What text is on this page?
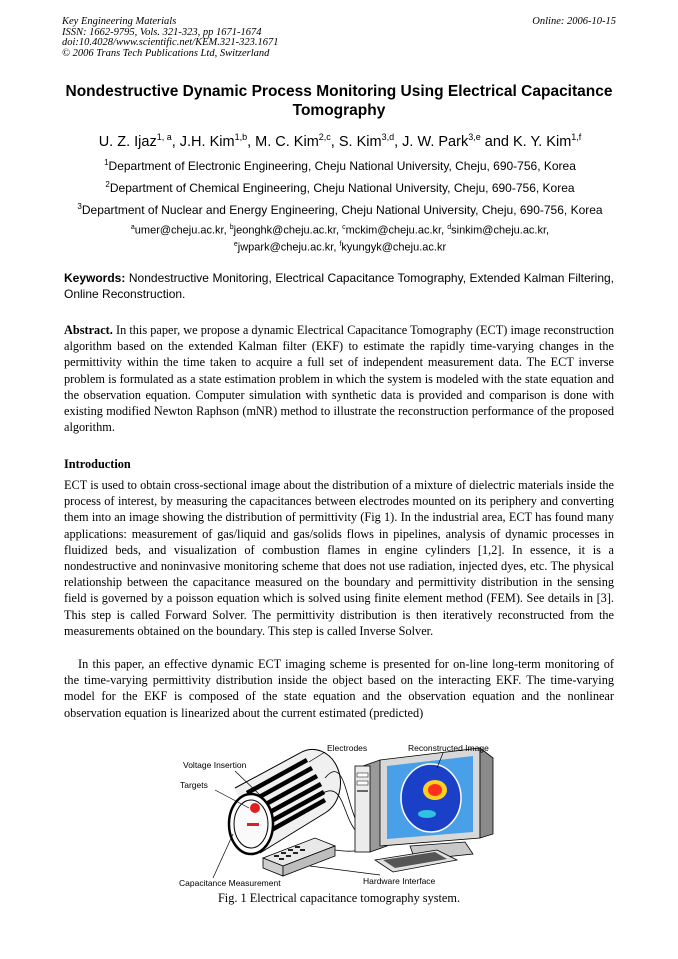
Key Engineering Materials
ISSN: 1662-9795, Vols. 321-323, pp 1671-1674
doi:10.4028/www.scientific.net/KEM.321-323.1671
© 2006 Trans Tech Publications Ltd, Switzerland
Online: 2006-10-15
Nondestructive Dynamic Process Monitoring Using Electrical Capacitance Tomography
U. Z. Ijaz$^{1, a}$, J.H. Kim$^{1,b}$, M. C. Kim$^{2,c}$, S. Kim$^{3,d}$, J. W. Park$^{3,e}$ and K. Y. Kim$^{1,f}$
$^1$Department of Electronic Engineering, Cheju National University, Cheju, 690-756, Korea
$^2$Department of Chemical Engineering, Cheju National University, Cheju, 690-756, Korea
$^3$Department of Nuclear and Energy Engineering, Cheju National University, Cheju, 690-756, Korea
$^a$umer@cheju.ac.kr, $^b$jeonghk@cheju.ac.kr, $^c$mckim@cheju.ac.kr, $^d$sinkim@cheju.ac.kr,
$^e$jwpark@cheju.ac.kr, $^f$kyungyk@cheju.ac.kr
Keywords: Nondestructive Monitoring, Electrical Capacitance Tomography, Extended Kalman Filtering, Online Reconstruction.
Abstract. In this paper, we propose a dynamic Electrical Capacitance Tomography (ECT) image reconstruction algorithm based on the extended Kalman filter (EKF) to estimate the rapidly time-varying changes in the permittivity within the time taken to acquire a full set of independent measurement data. The ECT inverse problem is formulated as a state estimation problem in which the system is modeled with the state equation and the observation equation. Computer simulation with synthetic data is provided and comparison is done with existing modified Newton Raphson (mNR) method to illustrate the reconstruction performance of the proposed algorithm.
Introduction
ECT is used to obtain cross-sectional image about the distribution of a mixture of dielectric materials inside the process of interest, by measuring the capacitances between electrodes mounted on its periphery and converting them into an image showing the distribution of permittivity (Fig 1). In the industrial area, ECT has found many applications: measurement of gas/liquid and gas/solids flows in pipelines, analysis of dynamic processes in fluidized beds, and visualization of combustion flames in engine cylinders [1,2]. In essence, it is a nondestructive and noninvasive monitoring scheme that does not use radiation, injected dyes, etc. The physical relationship between the capacitance measured on the boundary and permittivity distribution in the sensing field is governed by a poisson equation which is solved using finite element method (FEM). See details in [3]. This step is called Forward Solver. The permittivity distribution is then iteratively reconstructed from the measurements obtained on the boundary. This step is called Inverse Solver.
In this paper, an effective dynamic ECT imaging scheme is presented for on-line long-term monitoring of the time-varying permittivity distribution inside the object based on the interacting EKF. The time-varying model for the EKF is composed of the state equation and the observation equation and the nonlinear observation equation is linearized about the current estimated (predicted)
Voltage Insertion
Targets
Electrodes	Reconstructed Image
Capacitance Measurement	Hardware Interface
Fig. 1 Electrical capacitance tomography system.
